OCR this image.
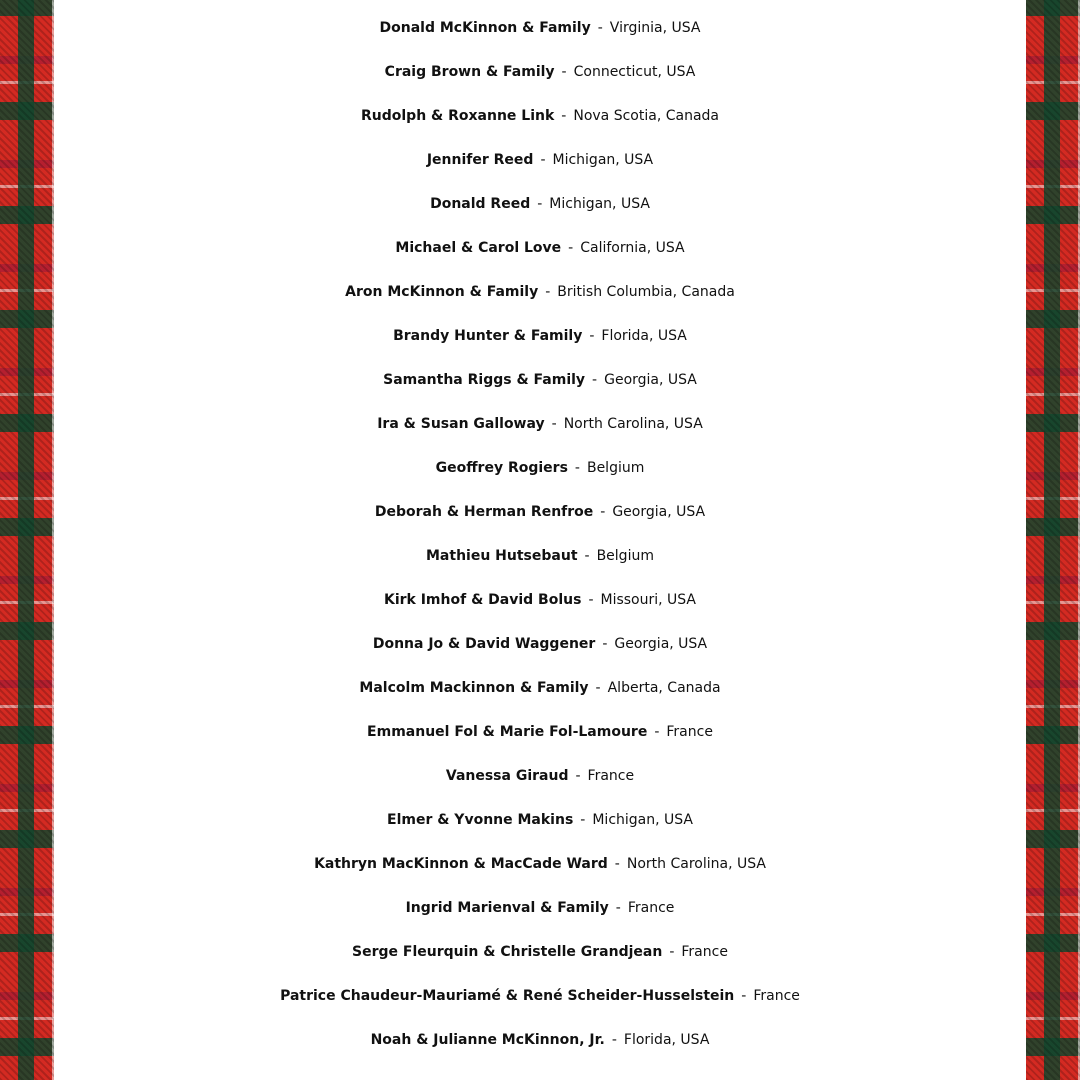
Donald McKinnon & Family - Virginia, USA
Craig Brown & Family - Connecticut, USA
Rudolph & Roxanne Link - Nova Scotia, Canada
Jennifer Reed - Michigan, USA
Donald Reed - Michigan, USA
Michael & Carol Love - California, USA
Aron McKinnon & Family - British Columbia, Canada
Brandy Hunter & Family - Florida, USA
Samantha Riggs & Family - Georgia, USA
Ira & Susan Galloway - North Carolina, USA
Geoffrey Rogiers - Belgium
Deborah & Herman Renfroe - Georgia, USA
Mathieu Hutsebaut - Belgium
Kirk Imhof & David Bolus - Missouri, USA
Donna Jo & David Waggener - Georgia, USA
Malcolm Mackinnon & Family - Alberta, Canada
Emmanuel Fol & Marie Fol-Lamoure - France
Vanessa Giraud - France
Elmer & Yvonne Makins - Michigan, USA
Kathryn MacKinnon & MacCade Ward - North Carolina, USA
Ingrid Marienval & Family - France
Serge Fleurquin & Christelle Grandjean - France
Patrice Chaudeur-Mauriamé & René Scheider-Husselstein - France
Noah & Julianne McKinnon, Jr. - Florida, USA
